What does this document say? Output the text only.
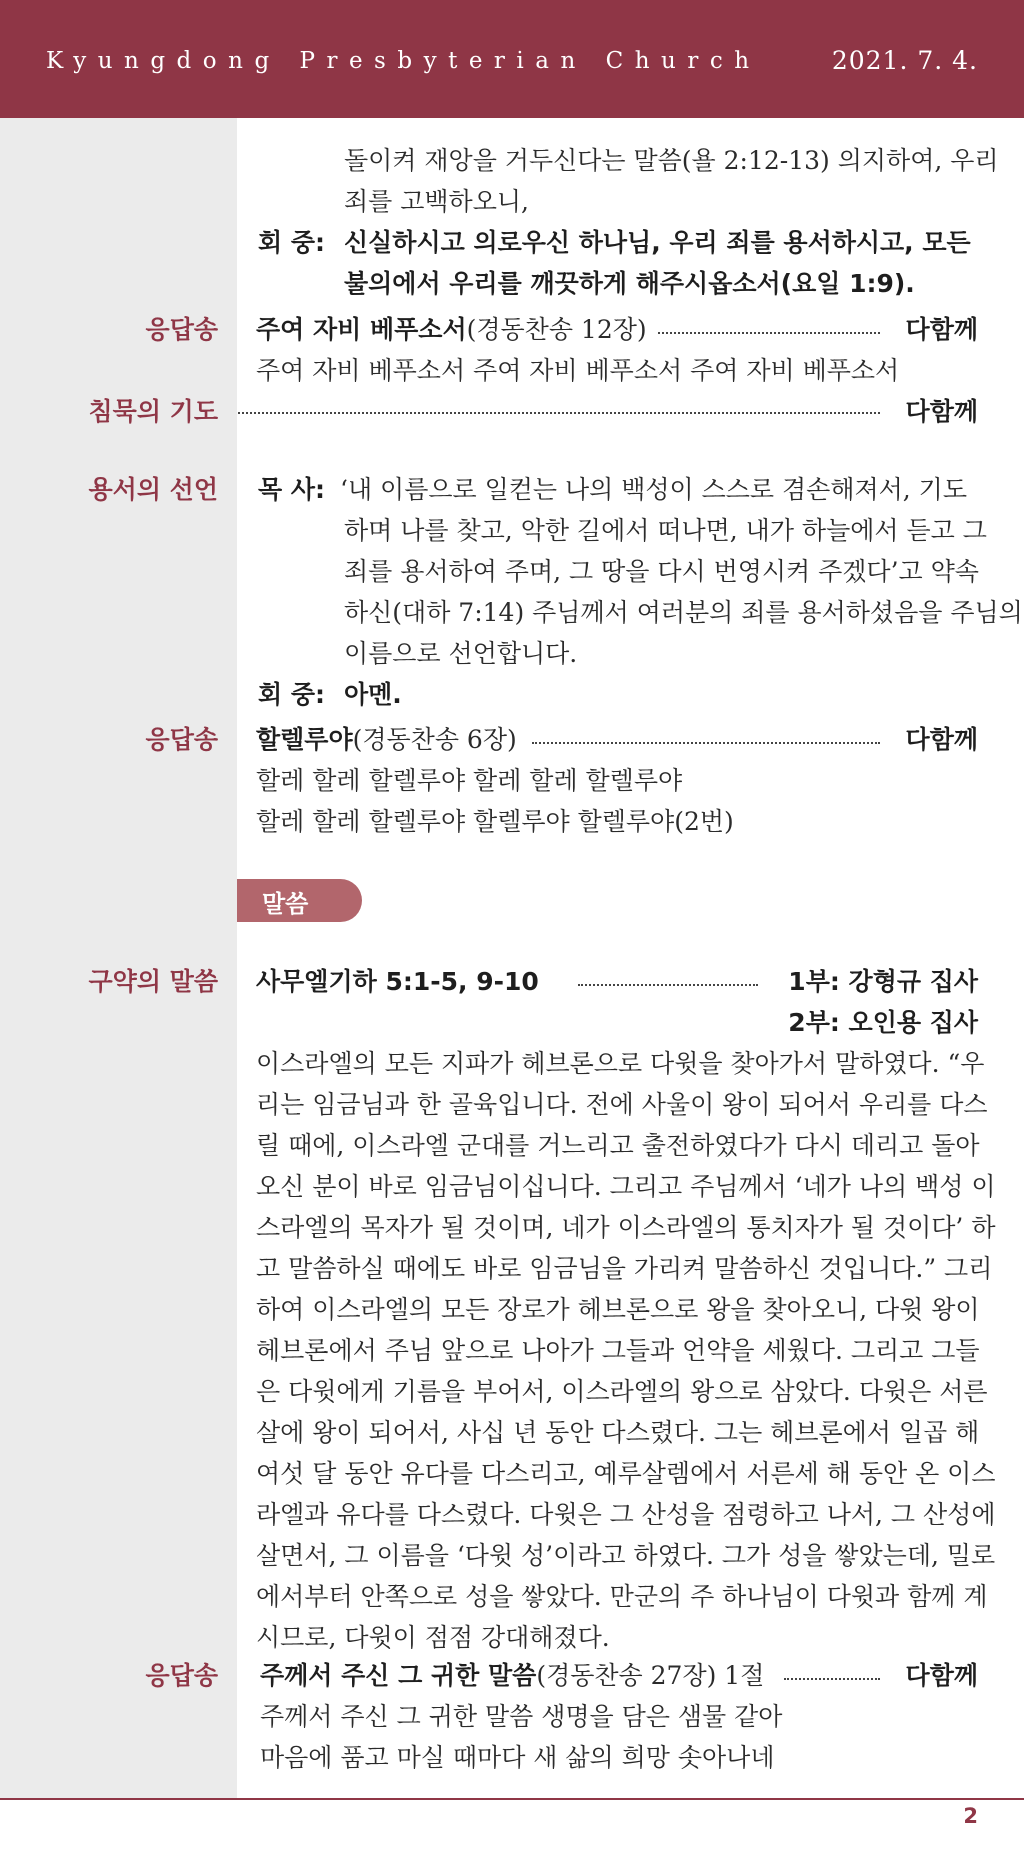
Kyungdong Presbyterian Church	2021. 7. 4.
돌이켜 재앙을 거두신다는 말씀(욜 2:12-13) 의지하여, 우리
죄를 고백하오니,
회 중: 신실하시고 의로우신 하나님, 우리 죄를 용서하시고, 모든
불의에서 우리를 깨끗하게 해주시옵소서(요일 1:9).
응답송 주여 자비 베푸소서(경동찬송 12장)	다함께
주여 자비 베푸소서 주여 자비 베푸소서 주여 자비 베푸소서
침묵의 기도	다함께
용서의 선언 목 사: ‘내 이름으로 일컫는 나의 백성이 스스로 겸손해져서, 기도
하며 나를 찾고, 악한 길에서 떠나면, 내가 하늘에서 듣고 그
죄를 용서하여 주며, 그 땅을 다시 번영시켜 주겠다’고 약속
하신(대하 7:14) 주님께서 여러분의 죄를 용서하셨음을 주님의
이름으로 선언합니다.
회 중: 아멘.
응답송 할렐루야(경동찬송 6장)	다함께
할레 할레 할렐루야 할레 할레 할렐루야
할레 할레 할렐루야 할렐루야 할렐루야(2번)
말씀
구약의 말씀 사무엘기하 5:1-5, 9-10	1부: 강형규 집사
2부: 오인용 집사
이스라엘의 모든 지파가 헤브론으로 다윗을 찾아가서 말하였다. “우
리는 임금님과 한 골육입니다. 전에 사울이 왕이 되어서 우리를 다스
릴 때에, 이스라엘 군대를 거느리고 출전하였다가 다시 데리고 돌아
오신 분이 바로 임금님이십니다. 그리고 주님께서 ‘네가 나의 백성 이
스라엘의 목자가 될 것이며, 네가 이스라엘의 통치자가 될 것이다’ 하
고 말씀하실 때에도 바로 임금님을 가리켜 말씀하신 것입니다.” 그리
하여 이스라엘의 모든 장로가 헤브론으로 왕을 찾아오니, 다윗 왕이
헤브론에서 주님 앞으로 나아가 그들과 언약을 세웠다. 그리고 그들
은 다윗에게 기름을 부어서, 이스라엘의 왕으로 삼았다. 다윗은 서른
살에 왕이 되어서, 사십 년 동안 다스렸다. 그는 헤브론에서 일곱 해
여섯 달 동안 유다를 다스리고, 예루살렘에서 서른세 해 동안 온 이스
라엘과 유다를 다스렸다. 다윗은 그 산성을 점령하고 나서, 그 산성에
살면서, 그 이름을 ‘다윗 성’이라고 하였다. 그가 성을 쌓았는데, 밀로
에서부터 안쪽으로 성을 쌓았다. 만군의 주 하나님이 다윗과 함께 계
시므로, 다윗이 점점 강대해졌다.
응답송 주께서 주신 그 귀한 말씀(경동찬송 27장) 1절	다함께
주께서 주신 그 귀한 말씀 생명을 담은 샘물 같아
마음에 품고 마실 때마다 새 삶의 희망 솟아나네
2
